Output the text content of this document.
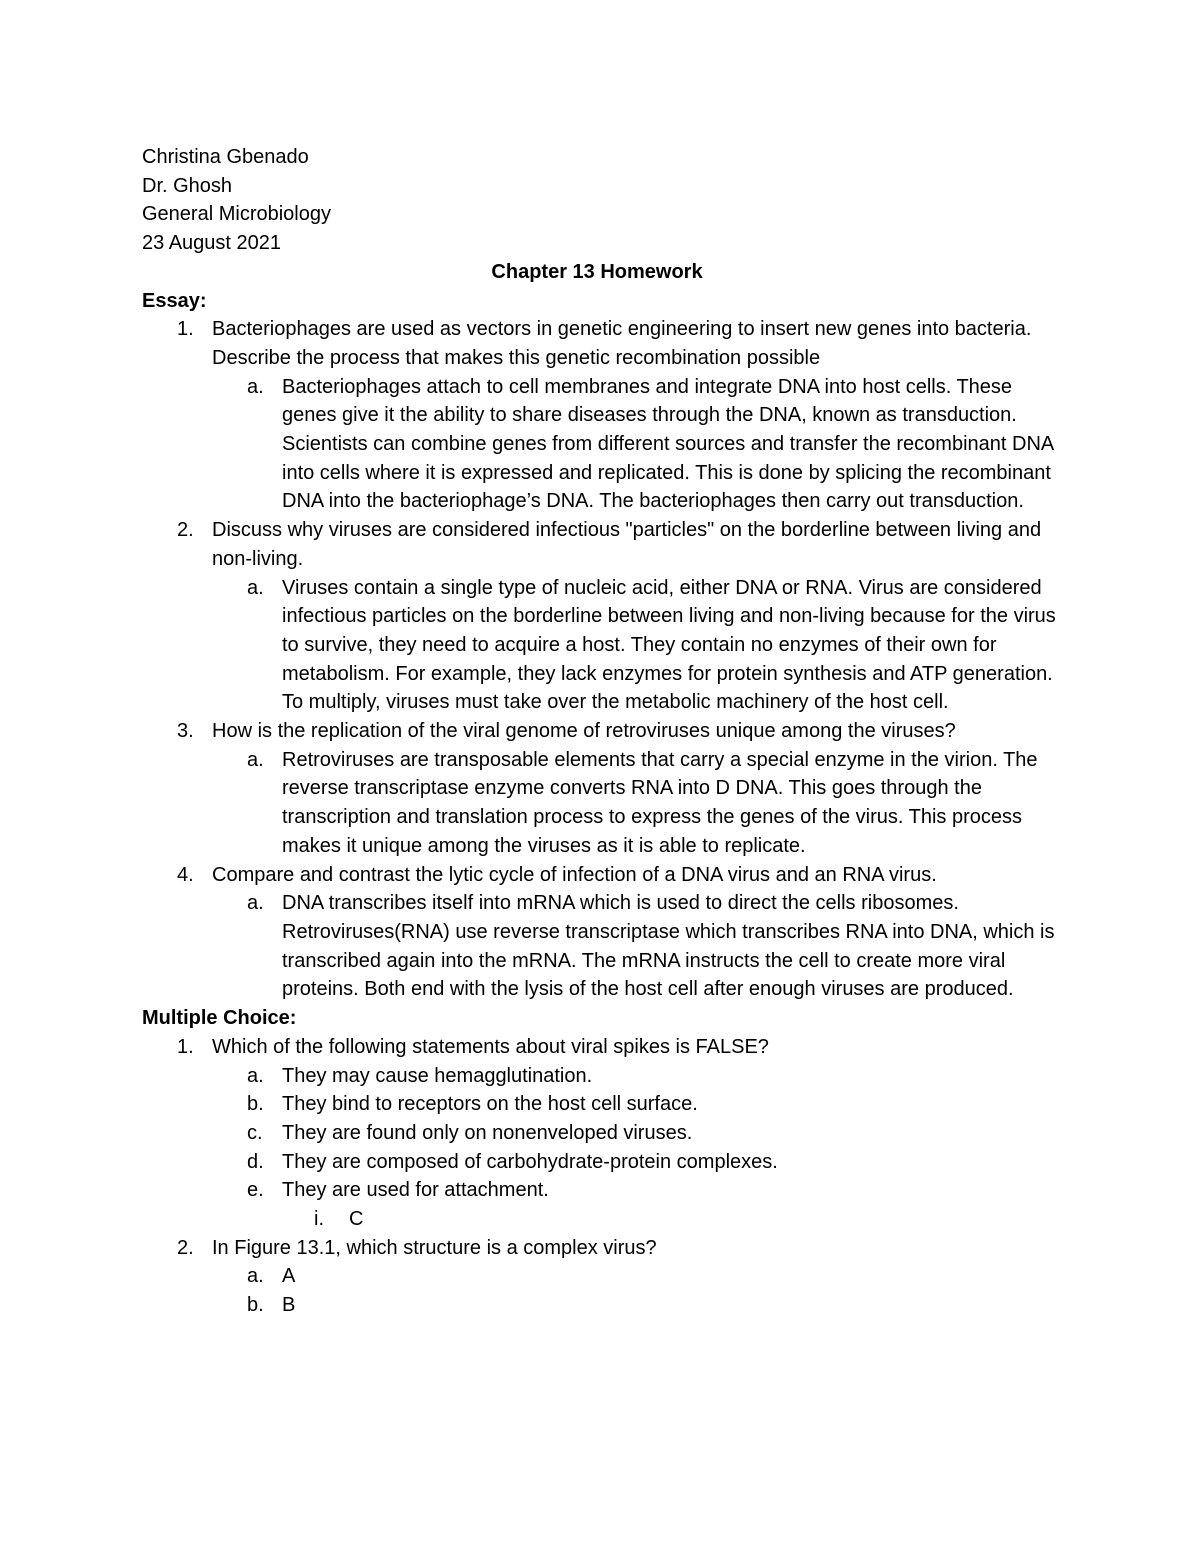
Christina Gbenado
Dr. Ghosh
General Microbiology
23 August 2021
Chapter 13 Homework
Essay:
1. Bacteriophages are used as vectors in genetic engineering to insert new genes into bacteria. Describe the process that makes this genetic recombination possible
a. Bacteriophages attach to cell membranes and integrate DNA into host cells. These genes give it the ability to share diseases through the DNA, known as transduction. Scientists can combine genes from different sources and transfer the recombinant DNA into cells where it is expressed and replicated. This is done by splicing the recombinant DNA into the bacteriophage’s DNA. The bacteriophages then carry out transduction.
2. Discuss why viruses are considered infectious "particles" on the borderline between living and non-living.
a. Viruses contain a single type of nucleic acid, either DNA or RNA. Virus are considered infectious particles on the borderline between living and non-living because for the virus to survive, they need to acquire a host. They contain no enzymes of their own for metabolism. For example, they lack enzymes for protein synthesis and ATP generation. To multiply, viruses must take over the metabolic machinery of the host cell.
3. How is the replication of the viral genome of retroviruses unique among the viruses?
a. Retroviruses are transposable elements that carry a special enzyme in the virion. The reverse transcriptase enzyme converts RNA into D DNA. This goes through the transcription and translation process to express the genes of the virus. This process makes it unique among the viruses as it is able to replicate.
4. Compare and contrast the lytic cycle of infection of a DNA virus and an RNA virus.
a. DNA transcribes itself into mRNA which is used to direct the cells ribosomes. Retroviruses(RNA) use reverse transcriptase which transcribes RNA into DNA, which is transcribed again into the mRNA. The mRNA instructs the cell to create more viral proteins. Both end with the lysis of the host cell after enough viruses are produced.
Multiple Choice:
1. Which of the following statements about viral spikes is FALSE?
a. They may cause hemagglutination.
b. They bind to receptors on the host cell surface.
c. They are found only on nonenveloped viruses.
d. They are composed of carbohydrate-protein complexes.
e. They are used for attachment.
i.	C
2. In Figure 13.1, which structure is a complex virus?
a. A
b. B
